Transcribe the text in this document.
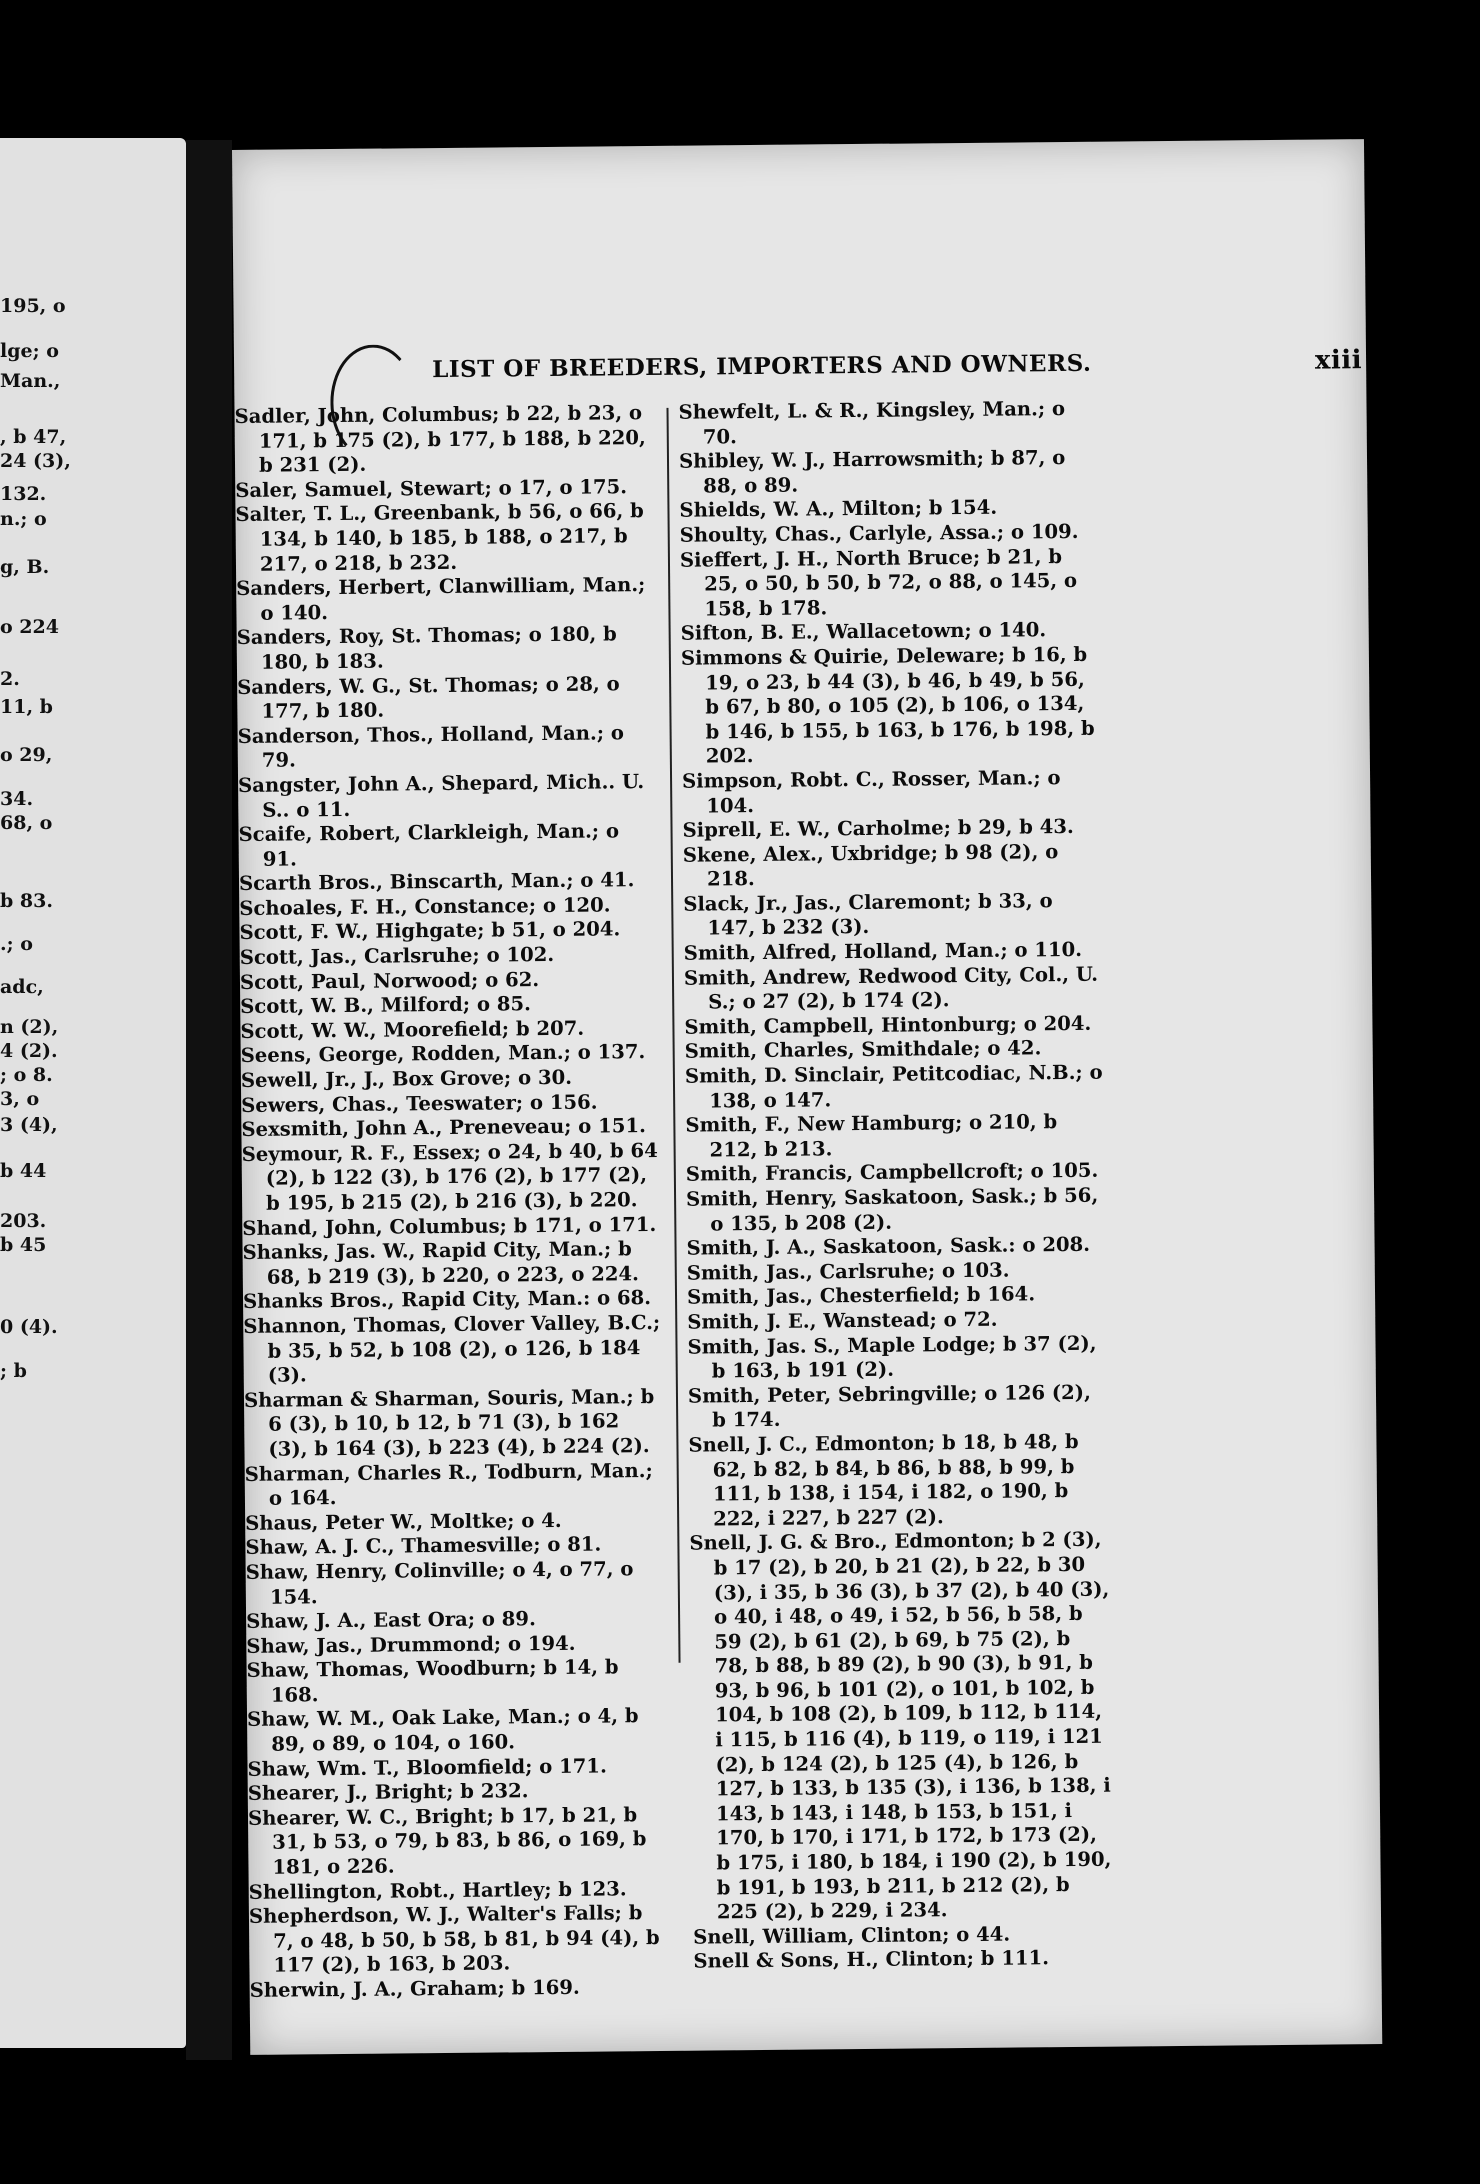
195, o
lge; o
Man.,
, b 47,
24 (3),
132.
n.; o
g, B.
o 224
2.
11, b
o 29,
34.
68, o
b 83.
.; o
adc,
n (2),
4 (2).
; o 8.
3, o
3 (4),
b 44
203.
b 45
0 (4).
; b
LIST OF BREEDERS, IMPORTERS AND OWNERS.	xiii

Sadler, John, Columbus; b 22, b 23, o 171, b 175 (2), b 177, b 188, b 220, b 231 (2).

Saler, Samuel, Stewart; o 17, o 175.

Salter, T. L., Greenbank, b 56, o 66, b 134, b 140, b 185, b 188, o 217, b 217, o 218, b 232.

Sanders, Herbert, Clanwilliam, Man.; o 140.

Sanders, Roy, St. Thomas; o 180, b 180, b 183.

Sanders, W. G., St. Thomas; o 28, o 177, b 180.

Sanderson, Thos., Holland, Man.; o 79.

Sangster, John A., Shepard, Mich.. U. S.. o 11.

Scaife, Robert, Clarkleigh, Man.; o 91.

Scarth Bros., Binscarth, Man.; o 41.

Schoales, F. H., Constance; o 120.

Scott, F. W., Highgate; b 51, o 204.

Scott, Jas., Carlsruhe; o 102.

Scott, Paul, Norwood; o 62.

Scott, W. B., Milford; o 85.

Scott, W. W., Moorefield; b 207.

Seens, George, Rodden, Man.; o 137.

Sewell, Jr., J., Box Grove; o 30.

Sewers, Chas., Teeswater; o 156.

Sexsmith, John A., Preneveau; o 151.

Seymour, R. F., Essex; o 24, b 40, b 64 (2), b 122 (3), b 176 (2), b 177 (2), b 195, b 215 (2), b 216 (3), b 220.

Shand, John, Columbus; b 171, o 171.

Shanks, Jas. W., Rapid City, Man.; b 68, b 219 (3), b 220, o 223, o 224.

Shanks Bros., Rapid City, Man.: o 68.

Shannon, Thomas, Clover Valley, B.C.; b 35, b 52, b 108 (2), o 126, b 184 (3).

Sharman & Sharman, Souris, Man.; b 6 (3), b 10, b 12, b 71 (3), b 162 (3), b 164 (3), b 223 (4), b 224 (2).

Sharman, Charles R., Todburn, Man.; o 164.

Shaus, Peter W., Moltke; o 4.

Shaw, A. J. C., Thamesville; o 81.

Shaw, Henry, Colinville; o 4, o 77, o 154.

Shaw, J. A., East Ora; o 89.

Shaw, Jas., Drummond; o 194.

Shaw, Thomas, Woodburn; b 14, b 168.

Shaw, W. M., Oak Lake, Man.; o 4, b 89, o 89, o 104, o 160.

Shaw, Wm. T., Bloomfield; o 171.

Shearer, J., Bright; b 232.

Shearer, W. C., Bright; b 17, b 21, b 31, b 53, o 79, b 83, b 86, o 169, b 181, o 226.

Shellington, Robt., Hartley; b 123.

Shepherdson, W. J., Walter's Falls; b 7, o 48, b 50, b 58, b 81, b 94 (4), b 117 (2), b 163, b 203.

Sherwin, J. A., Graham; b 169.

Shewfelt, L. & R., Kingsley, Man.; o 70.

Shibley, W. J., Harrowsmith; b 87, o 88, o 89.

Shields, W. A., Milton; b 154.

Shoulty, Chas., Carlyle, Assa.; o 109.

Sieffert, J. H., North Bruce; b 21, b 25, o 50, b 50, b 72, o 88, o 145, o 158, b 178.

Sifton, B. E., Wallacetown; o 140.

Simmons & Quirie, Deleware; b 16, b 19, o 23, b 44 (3), b 46, b 49, b 56, b 67, b 80, o 105 (2), b 106, o 134, b 146, b 155, b 163, b 176, b 198, b 202.

Simpson, Robt. C., Rosser, Man.; o 104.

Siprell, E. W., Carholme; b 29, b 43.

Skene, Alex., Uxbridge; b 98 (2), o 218.

Slack, Jr., Jas., Claremont; b 33, o 147, b 232 (3).

Smith, Alfred, Holland, Man.; o 110.

Smith, Andrew, Redwood City, Col., U. S.; o 27 (2), b 174 (2).

Smith, Campbell, Hintonburg; o 204.

Smith, Charles, Smithdale; o 42.

Smith, D. Sinclair, Petitcodiac, N.B.; o 138, o 147.

Smith, F., New Hamburg; o 210, b 212, b 213.

Smith, Francis, Campbellcroft; o 105.

Smith, Henry, Saskatoon, Sask.; b 56, o 135, b 208 (2).

Smith, J. A., Saskatoon, Sask.: o 208.

Smith, Jas., Carlsruhe; o 103.

Smith, Jas., Chesterfield; b 164.

Smith, J. E., Wanstead; o 72.

Smith, Jas. S., Maple Lodge; b 37 (2), b 163, b 191 (2).

Smith, Peter, Sebringville; o 126 (2), b 174.

Snell, J. C., Edmonton; b 18, b 48, b 62, b 82, b 84, b 86, b 88, b 99, b 111, b 138, i 154, i 182, o 190, b 222, i 227, b 227 (2).

Snell, J. G. & Bro., Edmonton; b 2 (3), b 17 (2), b 20, b 21 (2), b 22, b 30 (3), i 35, b 36 (3), b 37 (2), b 40 (3), o 40, i 48, o 49, i 52, b 56, b 58, b 59 (2), b 61 (2), b 69, b 75 (2), b 78, b 88, b 89 (2), b 90 (3), b 91, b 93, b 96, b 101 (2), o 101, b 102, b 104, b 108 (2), b 109, b 112, b 114, i 115, b 116 (4), b 119, o 119, i 121 (2), b 124 (2), b 125 (4), b 126, b 127, b 133, b 135 (3), i 136, b 138, i 143, b 143, i 148, b 153, b 151, i 170, b 170, i 171, b 172, b 173 (2), b 175, i 180, b 184, i 190 (2), b 190, b 191, b 193, b 211, b 212 (2), b 225 (2), b 229, i 234.

Snell, William, Clinton; o 44.

Snell & Sons, H., Clinton; b 111.
